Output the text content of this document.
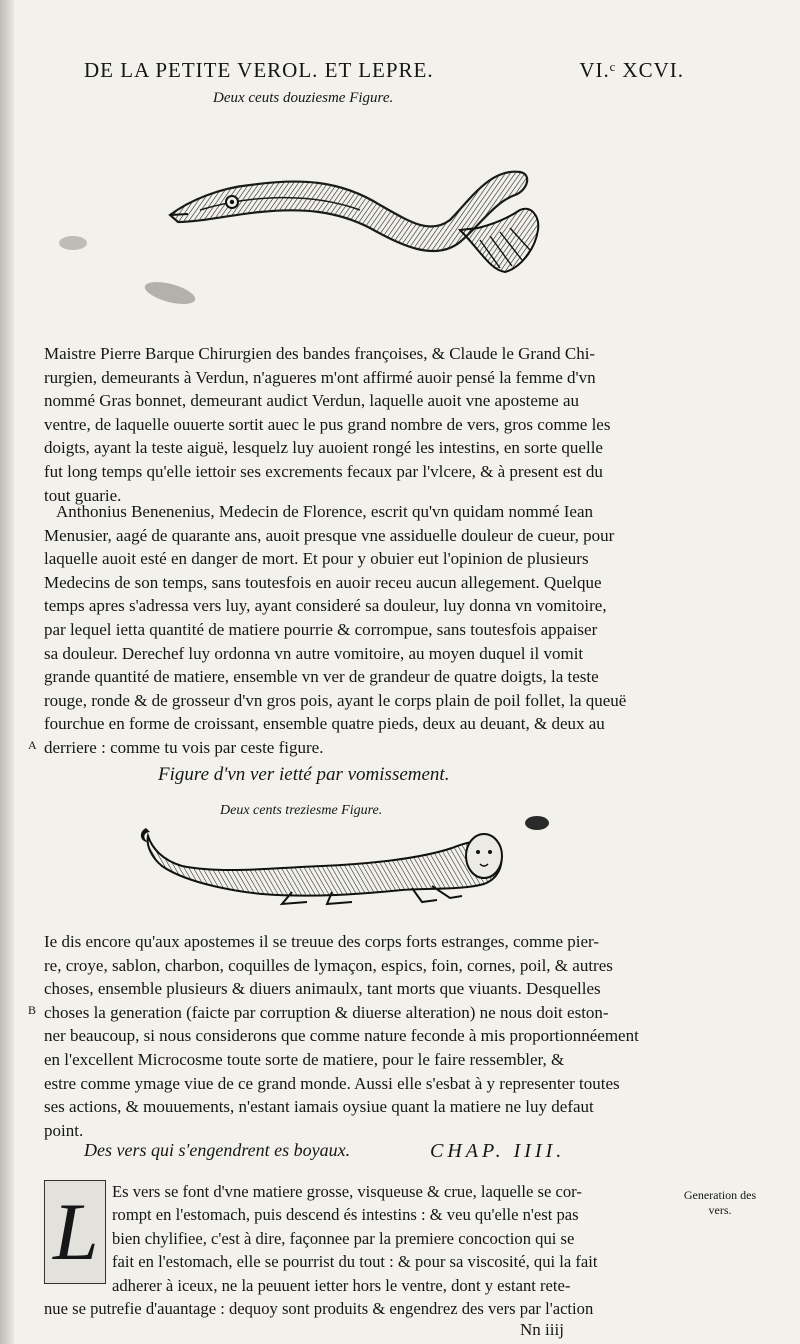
DE LA PETITE VEROL. ET LEPRE.	VI.ᶜ XCVI.
Deux ceuts douziesme Figure.

Maistre Pierre Barque Chirurgien des bandes françoises, & Claude le Grand Chi-

rurgien, demeurants à Verdun, n'agueres m'ont affirmé auoir pensé la femme d'vn

nommé Gras bonnet, demeurant audict Verdun, laquelle auoit vne aposteme au

ventre, de laquelle ouuerte sortit auec le pus grand nombre de vers, gros comme les

doigts, ayant la teste aiguë, lesquelz luy auoient rongé les intestins, en sorte quelle

fut long temps qu'elle iettoir ses excrements fecaux par l'vlcere, & à present est du

tout guarie.

Anthonius Benenenius, Medecin de Florence, escrit qu'vn quidam nommé Iean

Menusier, aagé de quarante ans, auoit presque vne assiduelle douleur de cueur, pour

laquelle auoit esté en danger de mort. Et pour y obuier eut l'opinion de plusieurs

Medecins de son temps, sans toutesfois en auoir receu aucun allegement. Quelque

temps apres s'adressa vers luy, ayant consideré sa douleur, luy donna vn vomitoire,

par lequel ietta quantité de matiere pourrie & corrompue, sans toutesfois appaiser

sa douleur. Derechef luy ordonna vn autre vomitoire, au moyen duquel il vomit

grande quantité de matiere, ensemble vn ver de grandeur de quatre doigts, la teste

rouge, ronde & de grosseur d'vn gros pois, ayant le corps plain de poil follet, la queuë

fourchue en forme de croissant, ensemble quatre pieds, deux au deuant, & deux au

derriere : comme tu vois par ceste figure.

A
Figure d'vn ver ietté par vomissement.
Deux cents treziesme Figure.

Ie dis encore qu'aux apostemes il se treuue des corps forts estranges, comme pier-

re, croye, sablon, charbon, coquilles de lymaçon, espics, foin, cornes, poil, & autres

choses, ensemble plusieurs & diuers animaulx, tant morts que viuants. Desquelles

choses la generation (faicte par corruption & diuerse alteration) ne nous doit eston-

ner beaucoup, si nous considerons que comme nature feconde à mis proportionnéement

en l'excellent Microcosme toute sorte de matiere, pour le faire ressembler, &

estre comme ymage viue de ce grand monde. Aussi elle s'esbat à y representer toutes

ses actions, & mouuements, n'estant iamais oysiue quant la matiere ne luy defaut

point.

B
Des vers qui s'engendrent es boyaux.	CHAP. IIII.
L Es vers se font d'vne matiere grosse, visqueuse & crue, laquelle se cor-

rompt en l'estomach, puis descend és intestins : & veu qu'elle n'est pas

bien chylifiee, c'est à dire, façonnee par la premiere concoction qui se

fait en l'estomach, elle se pourrist du tout : & pour sa viscosité, qui la fait

adherer à iceux, ne la peuuent ietter hors le ventre, dont y estant rete-

nue se putrefie d'auantage : dequoy sont produits & engendrez des vers par l'action
Generation des vers.
Nn iiij
